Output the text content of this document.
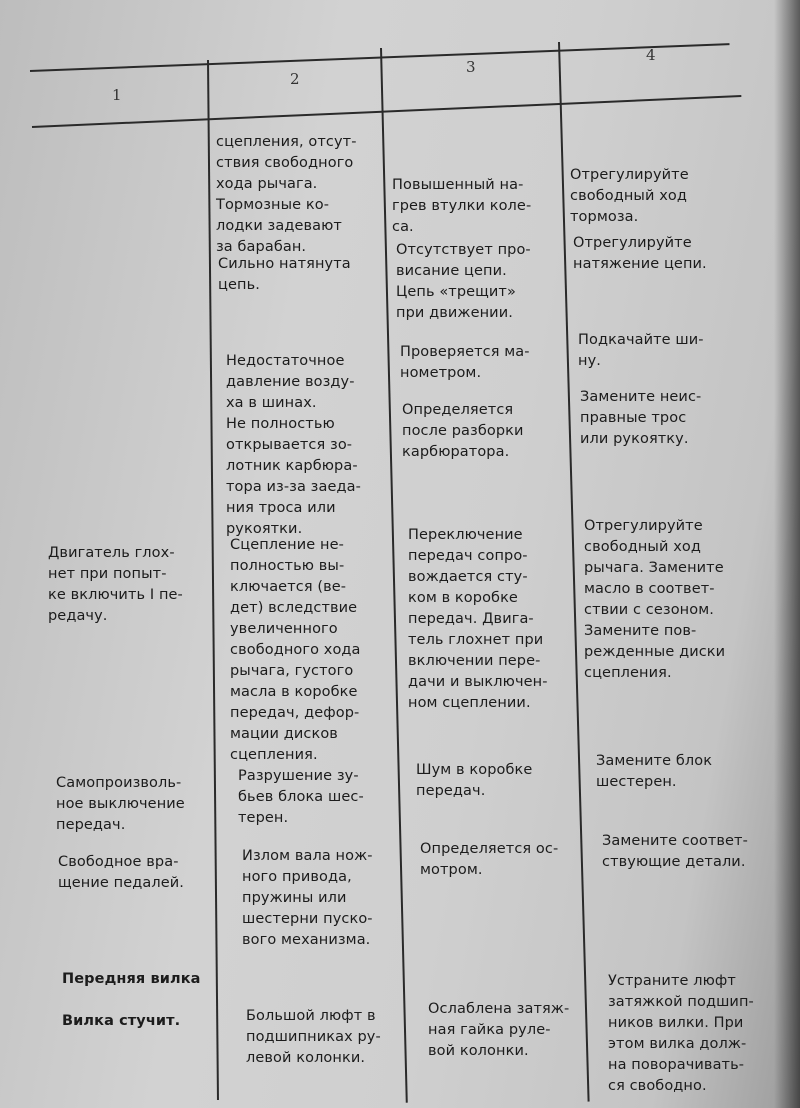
1
2
3
4
сцепления, отсут-
ствия свободного
хода рычага.
Тормозные ко-
лодки задевают
за барабан.
Повышенный на-
грев втулки коле-
са.
Отрегулируйте
свободный ход
тормоза.
Сильно натянута
цепь.
Отсутствует про-
висание цепи.
Цепь «трещит»
при движении.
Отрегулируйте
натяжение цепи.
Недостаточное
давление возду-
ха в шинах.
Не полностью
открывается зо-
лотник карбюра-
тора из-за заеда-
ния троса или
рукоятки.
Проверяется ма-
нометром.
Определяется
после разборки
карбюратора.
Подкачайте ши-
ну.
Замените неис-
правные трос
или рукоятку.
Двигатель глох-
нет при попыт-
ке включить I пе-
редачу.
Сцепление не-
полностью вы-
ключается (ве-
дет) вследствие
увеличенного
свободного хода
рычага, густого
масла в коробке
передач, дефор-
мации дисков
сцепления.
Переключение
передач сопро-
вождается сту-
ком в коробке
передач. Двига-
тель глохнет при
включении пере-
дачи и выключен-
ном сцеплении.
Отрегулируйте
свободный ход
рычага. Замените
масло в соответ-
ствии с сезоном.
Замените пов-
режденные диски
сцепления.
Самопроизволь-
ное выключение
передач.
Разрушение зу-
бьев блока шес-
терен.
Шум в коробке
передач.
Замените блок
шестерен.
Свободное вра-
щение педалей.
Излом вала нож-
ного привода,
пружины или
шестерни пуско-
вого механизма.
Определяется ос-
мотром.
Замените соответ-
ствующие детали.
Передняя вилка
Вилка стучит.	Большой люфт в
подшипниках ру-
левой колонки.
Ослаблена затяж-
ная гайка руле-
вой колонки.
Устраните люфт
затяжкой подшип-
ников вилки. При
этом вилка долж-
на поворачивать-
ся свободно.
